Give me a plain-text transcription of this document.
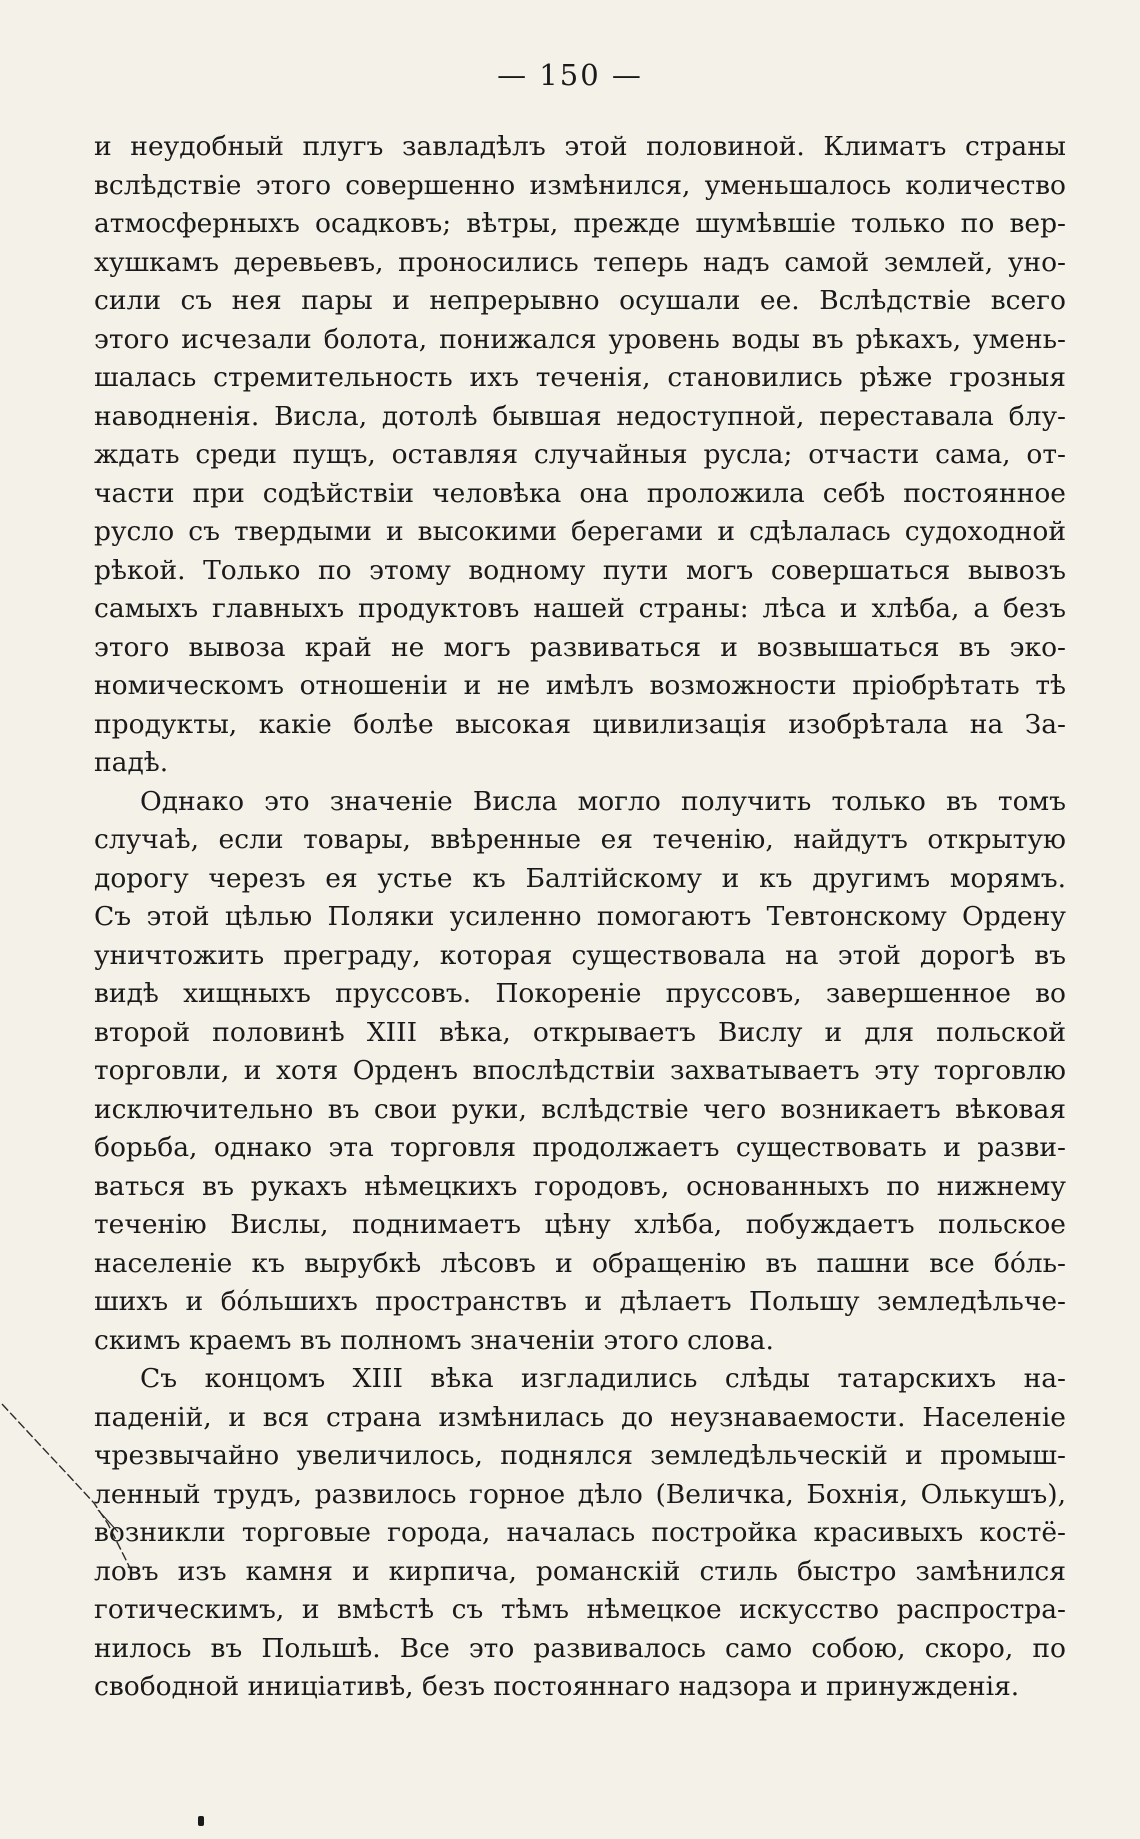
— 150 —
и неудобный плугъ завладѣлъ этой половиной. Климатъ страны
вслѣдствіе этого совершенно измѣнился, уменьшалось количество
атмосферныхъ осадковъ; вѣтры, прежде шумѣвшіе только по вер-
хушкамъ деревьевъ, проносились теперь надъ самой землей, уно-
сили съ нея пары и непрерывно осушали ее. Вслѣдствіе всего
этого исчезали болота, понижался уровень воды въ рѣкахъ, умень-
шалась стремительность ихъ теченія, становились рѣже грозныя
наводненія. Висла, дотолѣ бывшая недоступной, переставала блу-
ждать среди пущъ, оставляя случайныя русла; отчасти сама, от-
части при содѣйствіи человѣка она проложила себѣ постоянное
русло съ твердыми и высокими берегами и сдѣлалась судоходной
рѣкой. Только по этому водному пути могъ совершаться вывозъ
самыхъ главныхъ продуктовъ нашей страны: лѣса и хлѣба, а безъ
этого вывоза край не могъ развиваться и возвышаться въ эко-
номическомъ отношеніи и не имѣлъ возможности пріобрѣтать тѣ
продукты, какіе болѣе высокая цивилизація изобрѣтала на За-
падѣ.
Однако это значеніе Висла могло получить только въ томъ
случаѣ, если товары, ввѣренные ея теченію, найдутъ открытую
дорогу черезъ ея устье къ Балтійскому и къ другимъ морямъ.
Съ этой цѣлью Поляки усиленно помогаютъ Тевтонскому Ордену
уничтожить преграду, которая существовала на этой дорогѣ въ
видѣ хищныхъ пруссовъ. Покореніе пруссовъ, завершенное во
второй половинѣ XIII вѣка, открываетъ Вислу и для польской
торговли, и хотя Орденъ впослѣдствіи захватываетъ эту торговлю
исключительно въ свои руки, вслѣдствіе чего возникаетъ вѣковая
борьба, однако эта торговля продолжаетъ существовать и разви-
ваться въ рукахъ нѣмецкихъ городовъ, основанныхъ по нижнему
теченію Вислы, поднимаетъ цѣну хлѣба, побуждаетъ польское
населеніе къ вырубкѣ лѣсовъ и обращенію въ пашни все бо́ль-
шихъ и бо́льшихъ пространствъ и дѣлаетъ Польшу земледѣльче-
скимъ краемъ въ полномъ значеніи этого слова.
Съ концомъ XIII вѣка изгладились слѣды татарскихъ на-
паденій, и вся страна измѣнилась до неузнаваемости. Населеніе
чрезвычайно увеличилось, поднялся земледѣльческій и промыш-
ленный трудъ, развилось горное дѣло (Величка, Бохнія, Олькушъ),
возникли торговые города, началась постройка красивыхъ костё-
ловъ изъ камня и кирпича, романскій стиль быстро замѣнился
готическимъ, и вмѣстѣ съ тѣмъ нѣмецкое искусство распростра-
нилось въ Польшѣ. Все это развивалось само собою, скоро, по
свободной иниціативѣ, безъ постояннаго надзора и принужденія.
